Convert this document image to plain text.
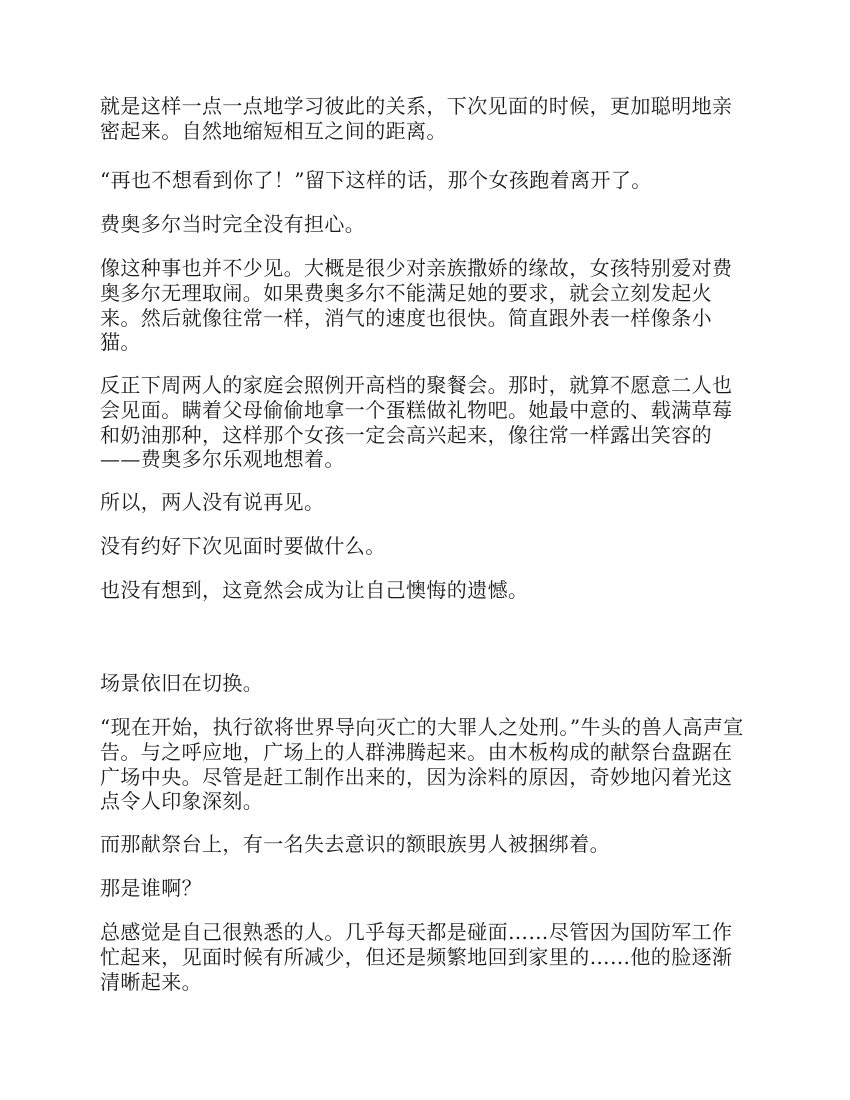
就是这样一点一点地学习彼此的关系，下次见面的时候，更加聪明地亲密起来。自然地缩短相互之间的距离。

“再也不想看到你了！”留下这样的话，那个女孩跑着离开了。

费奥多尔当时完全没有担心。

像这种事也并不少见。大概是很少对亲族撒娇的缘故，女孩特别爱对费奥多尔无理取闹。如果费奥多尔不能满足她的要求，就会立刻发起火来。然后就像往常一样，消气的速度也很快。简直跟外表一样像条小猫。

反正下周两人的家庭会照例开高档的聚餐会。那时，就算不愿意二人也会见面。瞒着父母偷偷地拿一个蛋糕做礼物吧。她最中意的、载满草莓和奶油那种，这样那个女孩一定会高兴起来，像往常一样露出笑容的——费奥多尔乐观地想着。

所以，两人没有说再见。

没有约好下次见面时要做什么。

也没有想到，这竟然会成为让自己懊悔的遗憾。

场景依旧在切换。

“现在开始，执行欲将世界导向灭亡的大罪人之处刑。”牛头的兽人高声宣告。与之呼应地，广场上的人群沸腾起来。由木板构成的献祭台盘踞在广场中央。尽管是赶工制作出来的，因为涂料的原因，奇妙地闪着光这点令人印象深刻。

而那献祭台上，有一名失去意识的额眼族男人被捆绑着。

那是谁啊？

总感觉是自己很熟悉的人。几乎每天都是碰面……尽管因为国防军工作忙起来，见面时候有所减少，但还是频繁地回到家里的……他的脸逐渐清晰起来。
